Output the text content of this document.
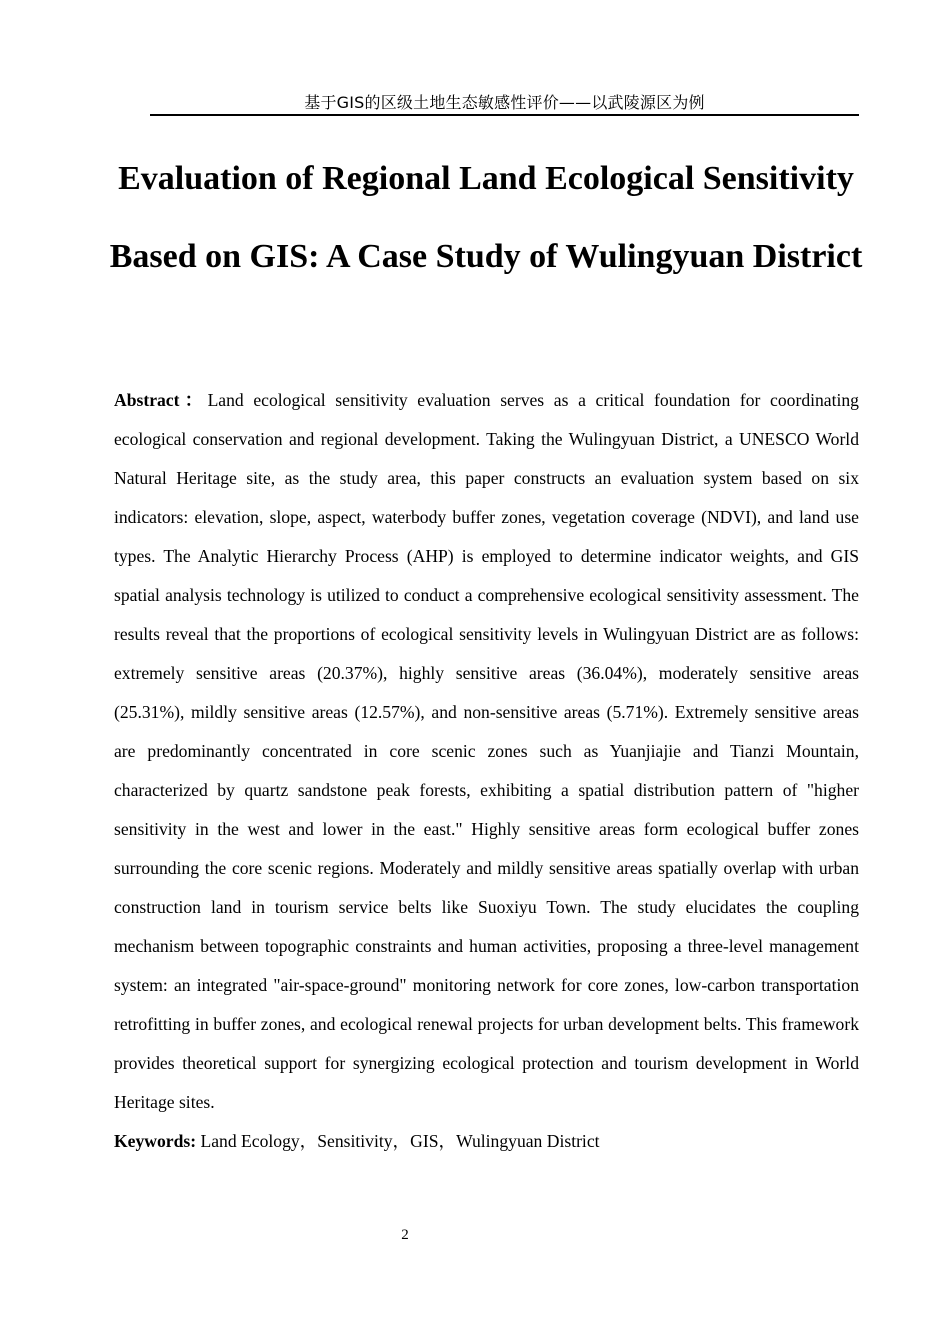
基于GIS的区级土地生态敏感性评价——以武陵源区为例
Evaluation of Regional Land Ecological Sensitivity Based on GIS: A Case Study of Wulingyuan District

Abstract：Land ecological sensitivity evaluation serves as a critical foundation for coordinating ecological conservation and regional development. Taking the Wulingyuan District, a UNESCO World Natural Heritage site, as the study area, this paper constructs an evaluation system based on six indicators: elevation, slope, aspect, waterbody buffer zones, vegetation coverage (NDVI), and land use types. The Analytic Hierarchy Process (AHP) is employed to determine indicator weights, and GIS spatial analysis technology is utilized to conduct a comprehensive ecological sensitivity assessment. The results reveal that the proportions of ecological sensitivity levels in Wulingyuan District are as follows: extremely sensitive areas (20.37%), highly sensitive areas (36.04%), moderately sensitive areas (25.31%), mildly sensitive areas (12.57%), and non-sensitive areas (5.71%). Extremely sensitive areas are predominantly concentrated in core scenic zones such as Yuanjiajie and Tianzi Mountain, characterized by quartz sandstone peak forests, exhibiting a spatial distribution pattern of "higher sensitivity in the west and lower in the east." Highly sensitive areas form ecological buffer zones surrounding the core scenic regions. Moderately and mildly sensitive areas spatially overlap with urban construction land in tourism service belts like Suoxiyu Town. The study elucidates the coupling mechanism between topographic constraints and human activities, proposing a three-level management system: an integrated "air-space-ground" monitoring network for core zones, low-carbon transportation retrofitting in buffer zones, and ecological renewal projects for urban development belts. This framework provides theoretical support for synergizing ecological protection and tourism development in World Heritage sites.

Keywords: Land Ecology，Sensitivity，GIS，Wulingyuan District

2
